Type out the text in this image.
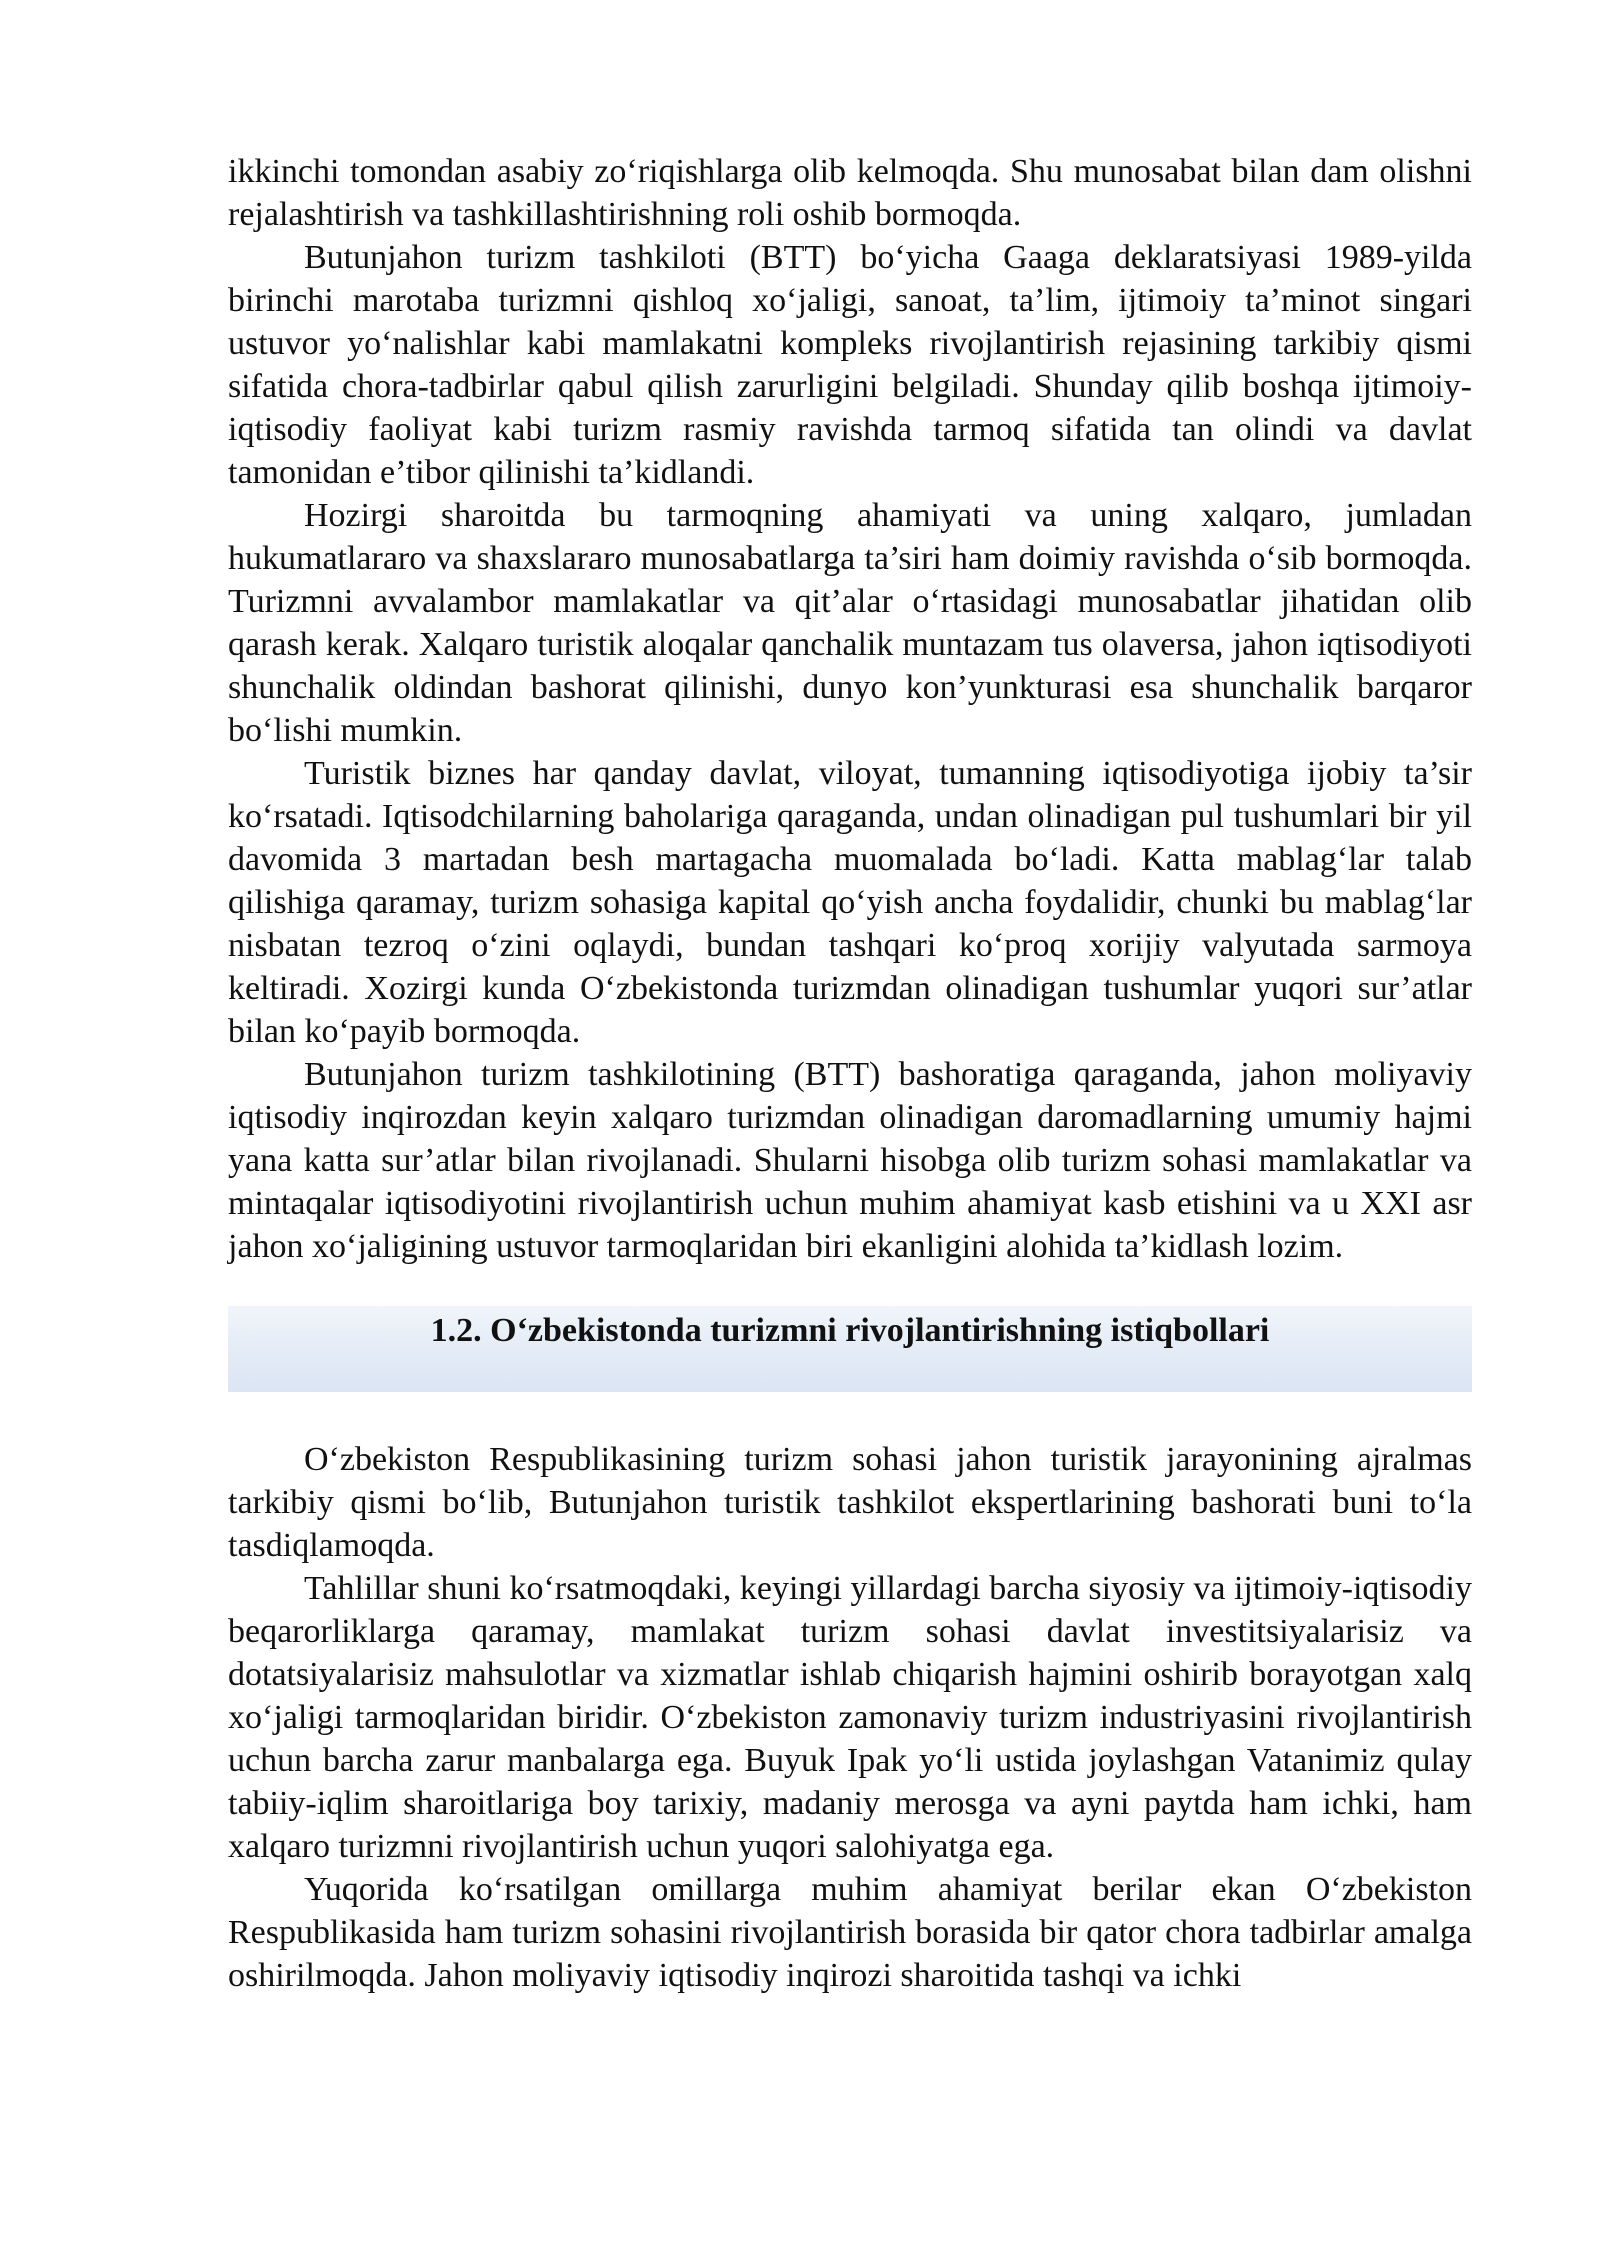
ikkinchi tomondan asabiy zo‘riqishlarga olib kelmoqda. Shu munosabat bilan dam olishni rejalashtirish va tashkillashtirishning roli oshib bormoqda.

Butunjahon turizm tashkiloti (BTT) bo‘yicha Gaaga deklaratsiyasi 1989-yilda birinchi marotaba turizmni qishloq xo‘jaligi, sanoat, ta’lim, ijtimoiy ta’minot singari ustuvor yo‘nalishlar kabi mamlakatni kompleks rivojlantirish rejasining tarkibiy qismi sifatida chora-tadbirlar qabul qilish zarurligini belgiladi. Shunday qilib boshqa ijtimoiy-iqtisodiy faoliyat kabi turizm rasmiy ravishda tarmoq sifatida tan olindi va davlat tamonidan e’tibor qilinishi ta’kidlandi.

Hozirgi sharoitda bu tarmoqning ahamiyati va uning xalqaro, jumladan hukumatlararo va shaxslararo munosabatlarga ta’siri ham doimiy ravishda o‘sib bormoqda. Turizmni avvalambor mamlakatlar va qit’alar o‘rtasidagi munosabatlar jihatidan olib qarash kerak. Xalqaro turistik aloqalar qanchalik muntazam tus olaversa, jahon iqtisodiyoti shunchalik oldindan bashorat qilinishi, dunyo kon’yunkturasi esa shunchalik barqaror bo‘lishi mumkin.

Turistik biznes har qanday davlat, viloyat, tumanning iqtisodiyotiga ijobiy ta’sir ko‘rsatadi. Iqtisodchilarning baholariga qaraganda, undan olinadigan pul tushumlari bir yil davomida 3 martadan besh martagacha muomalada bo‘ladi. Katta mablag‘lar talab qilishiga qaramay, turizm sohasiga kapital qo‘yish ancha foydalidir, chunki bu mablag‘lar nisbatan tezroq o‘zini oqlaydi, bundan tashqari ko‘proq xorijiy valyutada sarmoya keltiradi. Xozirgi kunda O‘zbekistonda turizmdan olinadigan tushumlar yuqori sur’atlar bilan ko‘payib bormoqda.

Butunjahon turizm tashkilotining (BTT) bashoratiga qaraganda, jahon moliyaviy iqtisodiy inqirozdan keyin xalqaro turizmdan olinadigan daromadlarning umumiy hajmi yana katta sur’atlar bilan rivojlanadi. Shularni hisobga olib turizm sohasi mamlakatlar va mintaqalar iqtisodiyotini rivojlantirish uchun muhim ahamiyat kasb etishini va u XXI asr jahon xo‘jaligining ustuvor tarmoqlaridan biri ekanligini alohida ta’kidlash lozim.

1.2. O‘zbekistonda turizmni rivojlantirishning istiqbollari

O‘zbekiston Respublikasining turizm sohasi jahon turistik jarayonining ajralmas tarkibiy qismi bo‘lib, Butunjahon turistik tashkilot ekspertlarining bashorati buni to‘la tasdiqlamoqda.

Tahlillar shuni ko‘rsatmoqdaki, keyingi yillardagi barcha siyosiy va ijtimoiy-iqtisodiy beqarorliklarga qaramay, mamlakat turizm sohasi davlat investitsiyalarisiz va dotatsiyalarisiz mahsulotlar va xizmatlar ishlab chiqarish hajmini oshirib borayotgan xalq xo‘jaligi tarmoqlaridan biridir. O‘zbekiston zamonaviy turizm industriyasini rivojlantirish uchun barcha zarur manbalarga ega. Buyuk Ipak yo‘li ustida joylashgan Vatanimiz qulay tabiiy-iqlim sharoitlariga boy tarixiy, madaniy merosga va ayni paytda ham ichki, ham xalqaro turizmni rivojlantirish uchun yuqori salohiyatga ega.

Yuqorida ko‘rsatilgan omillarga muhim ahamiyat berilar ekan O‘zbekiston Respublikasida ham turizm sohasini rivojlantirish borasida bir qator chora tadbirlar amalga oshirilmoqda. Jahon moliyaviy iqtisodiy inqirozi sharoitida tashqi va ichki
